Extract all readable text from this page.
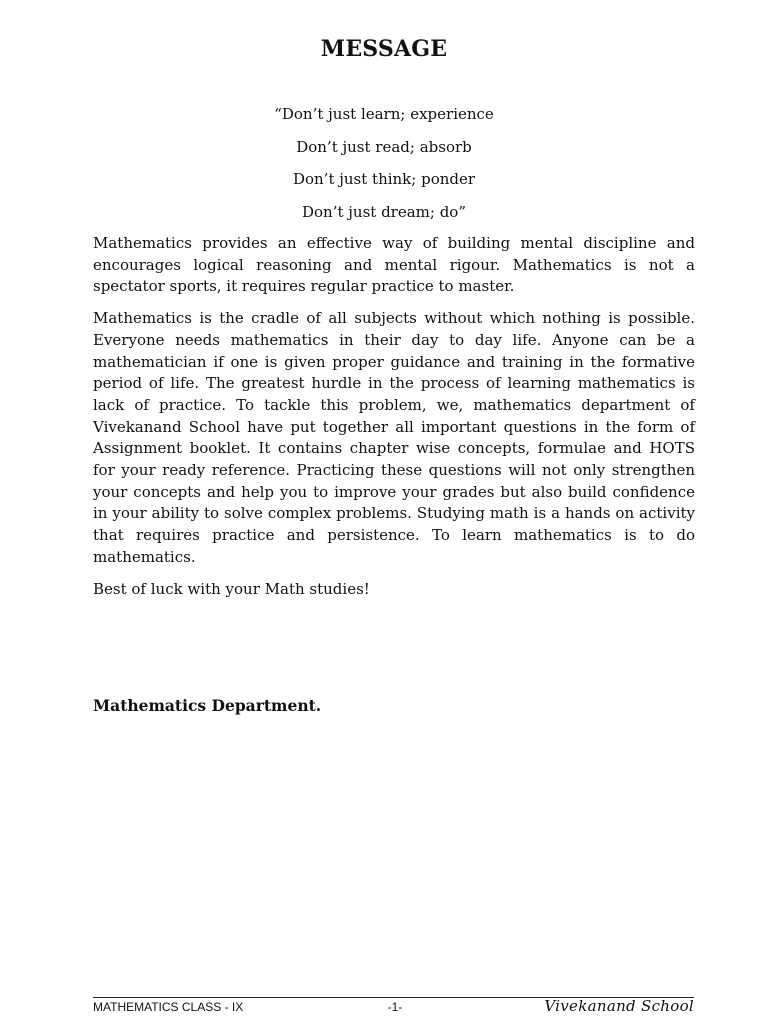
MESSAGE
“Don’t just learn; experience
Don’t just read; absorb
Don’t just think; ponder
Don’t just dream; do”

Mathematics provides an effective way of building mental discipline and encourages logical reasoning and mental rigour. Mathematics is not a spectator sports, it requires regular practice to master.

Mathematics is the cradle of all subjects without which nothing is possible. Everyone needs mathematics in their day to day life. Anyone can be a mathematician if one is given proper guidance and training in the formative period of life. The greatest hurdle in the process of learning mathematics is lack of practice. To tackle this problem, we, mathematics department of Vivekanand School have put together all important questions in the form of Assignment booklet. It contains chapter wise concepts, formulae and HOTS for your ready reference. Practicing these questions will not only strengthen your concepts and help you to improve your grades but also build confidence in your ability to solve complex problems. Studying math is a hands on activity that requires practice and persistence. To learn mathematics is to do mathematics.

Best of luck with your Math studies!

Mathematics Department.
MATHEMATICS CLASS - IX	-1-	Vivekanand School
